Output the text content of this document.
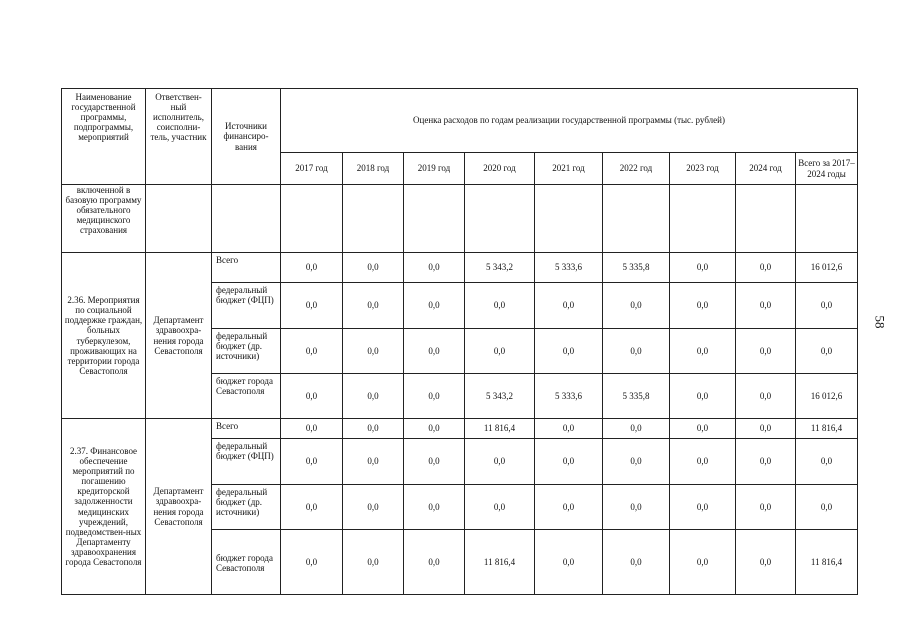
Наименование государственной программы, подпрограммы, мероприятий	Ответствен-ный исполнитель, соисполни-тель, участник	Источники финансиро-вания	Оценка расходов по годам реализации государственной программы (тыс. рублей)								
			2017 год	2018 год	2019 год	2020 год	2021 год	2022 год	2023 год	2024 год	Всего за 2017–2024 годы
включенной в базовую программу обязательного медицинского страхования											
2.36. Мероприятия по социальной поддержке граждан, больных туберкулезом, проживающих на территории города Севастополя	Департамент здравоохра-нения города Севастополя	Всего	0,0	0,0	0,0	5 343,2	5 333,6	5 335,8	0,0	0,0	16 012,6
		федеральный бюджет (ФЦП)	0,0	0,0	0,0	0,0	0,0	0,0	0,0	0,0	0,0
		федеральный бюджет (др. источники)	0,0	0,0	0,0	0,0	0,0	0,0	0,0	0,0	0,0
		бюджет города Севастополя	0,0	0,0	0,0	5 343,2	5 333,6	5 335,8	0,0	0,0	16 012,6
2.37. Финансовое обеспечение мероприятий по погашению кредиторской задолженности медицинских учреждений, подведомствен-ных Департаменту здравоохранения города Севастополя	Департамент здравоохра-нения города Севастополя	Всего	0,0	0,0	0,0	11 816,4	0,0	0,0	0,0	0,0	11 816,4
		федеральный бюджет (ФЦП)	0,0	0,0	0,0	0,0	0,0	0,0	0,0	0,0	0,0
		федеральный бюджет (др. источники)	0,0	0,0	0,0	0,0	0,0	0,0	0,0	0,0	0,0
		бюджет города Севастополя	0,0	0,0	0,0	11 816,4	0,0	0,0	0,0	0,0	11 816,4
58
